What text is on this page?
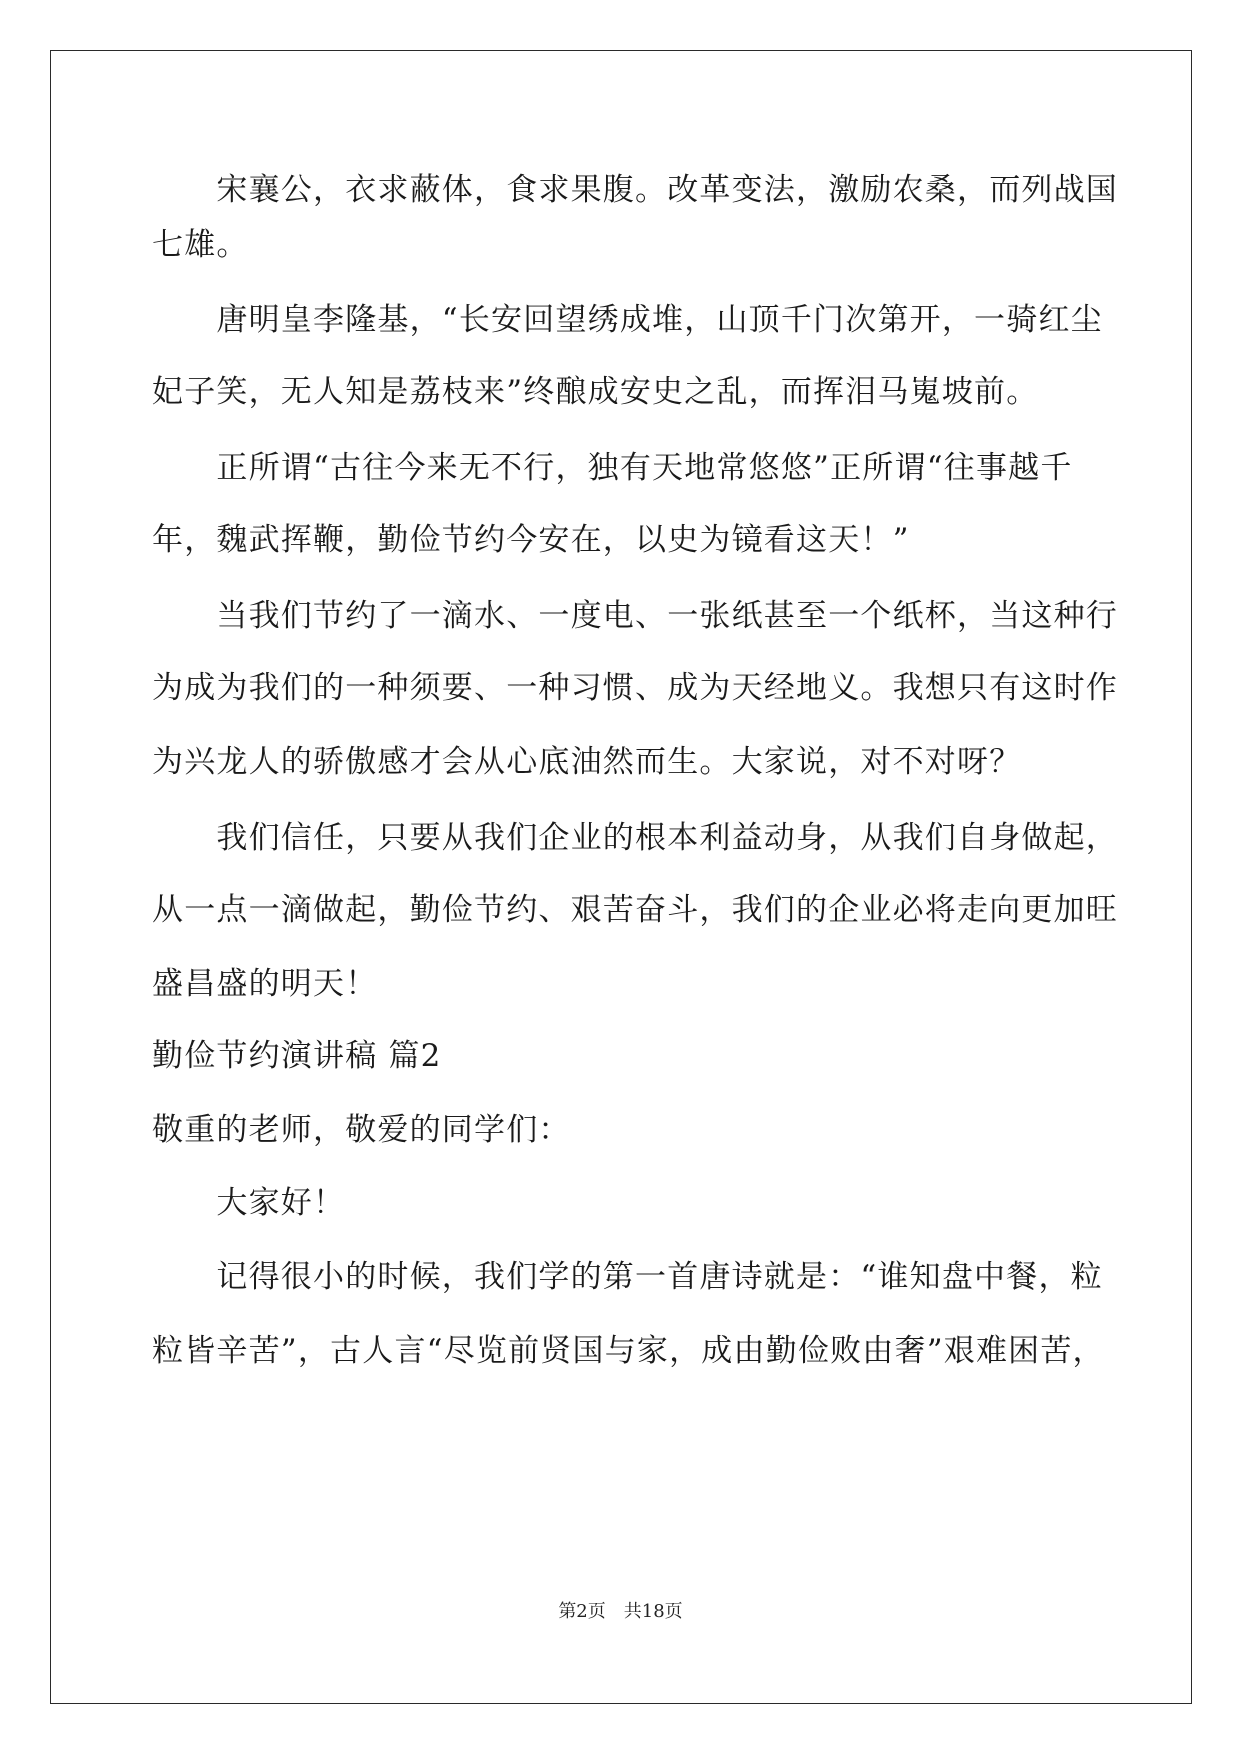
　　宋襄公，衣求蔽体，食求果腹。改革变法，激励农桑，而列战国
七雄。
　　唐明皇李隆基，“长安回望绣成堆，山顶千门次第开，一骑红尘
妃子笑，无人知是荔枝来”终酿成安史之乱，而挥泪马嵬坡前。
　　正所谓“古往今来无不行，独有天地常悠悠”正所谓“往事越千
年，魏武挥鞭，勤俭节约今安在，以史为镜看这天！”
　　当我们节约了一滴水、一度电、一张纸甚至一个纸杯，当这种行
为成为我们的一种须要、一种习惯、成为天经地义。我想只有这时作
为兴龙人的骄傲感才会从心底油然而生。大家说，对不对呀？
　　我们信任，只要从我们企业的根本利益动身，从我们自身做起，
从一点一滴做起，勤俭节约、艰苦奋斗，我们的企业必将走向更加旺
盛昌盛的明天！
勤俭节约演讲稿 篇2
敬重的老师，敬爱的同学们：
　　大家好！
　　记得很小的时候，我们学的第一首唐诗就是：“谁知盘中餐，粒
粒皆辛苦”，古人言“尽览前贤国与家，成由勤俭败由奢”艰难困苦，
第2页　共18页
